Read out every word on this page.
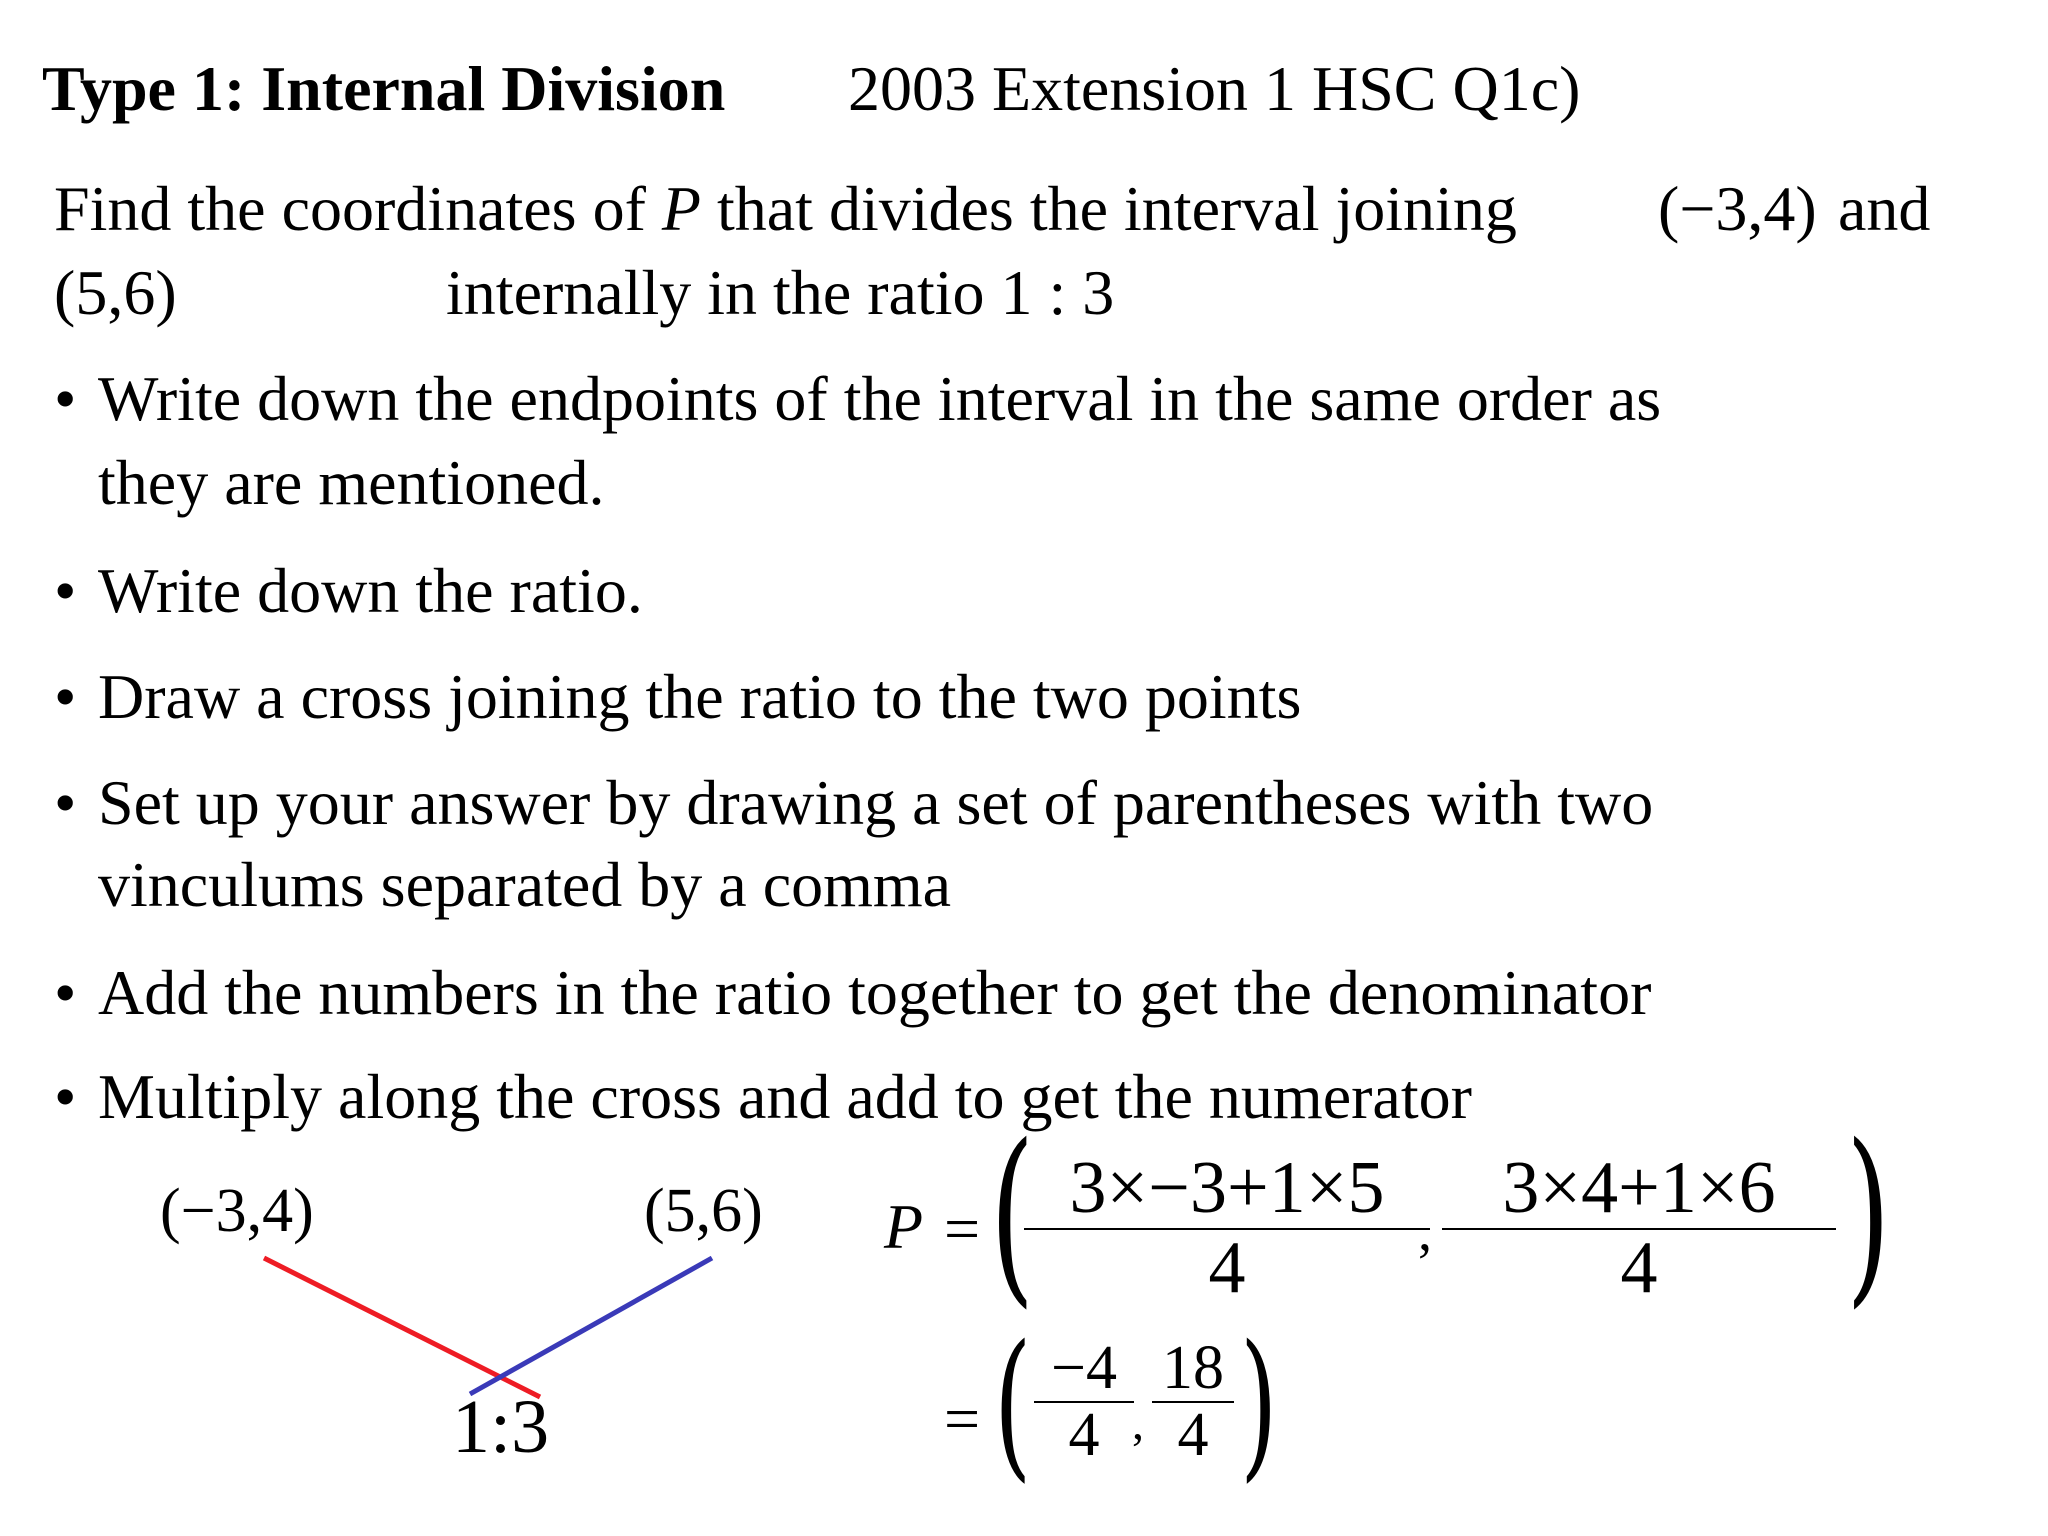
Type 1: Internal Division 2003 Extension 1 HSC Q1c)
Find the coordinates of P that divides the interval joining (−3,4) and
(5,6)	internally in the ratio 1 : 3
• Write down the endpoints of the interval in the same order as
they are mentioned.
• Write down the ratio.
• Draw a cross joining the ratio to the two points
• Set up your answer by drawing a set of parentheses with two
vinculums separated by a comma
• Add the numbers in the ratio together to get the denominator
• Multiply along the cross and add to get the numerator
(−3,4)	(5,6)
1:3
P = ( 3×−3+1×5
4	,
3×4+1×6
4 )
= ( −4
4 ,
18
4 )
